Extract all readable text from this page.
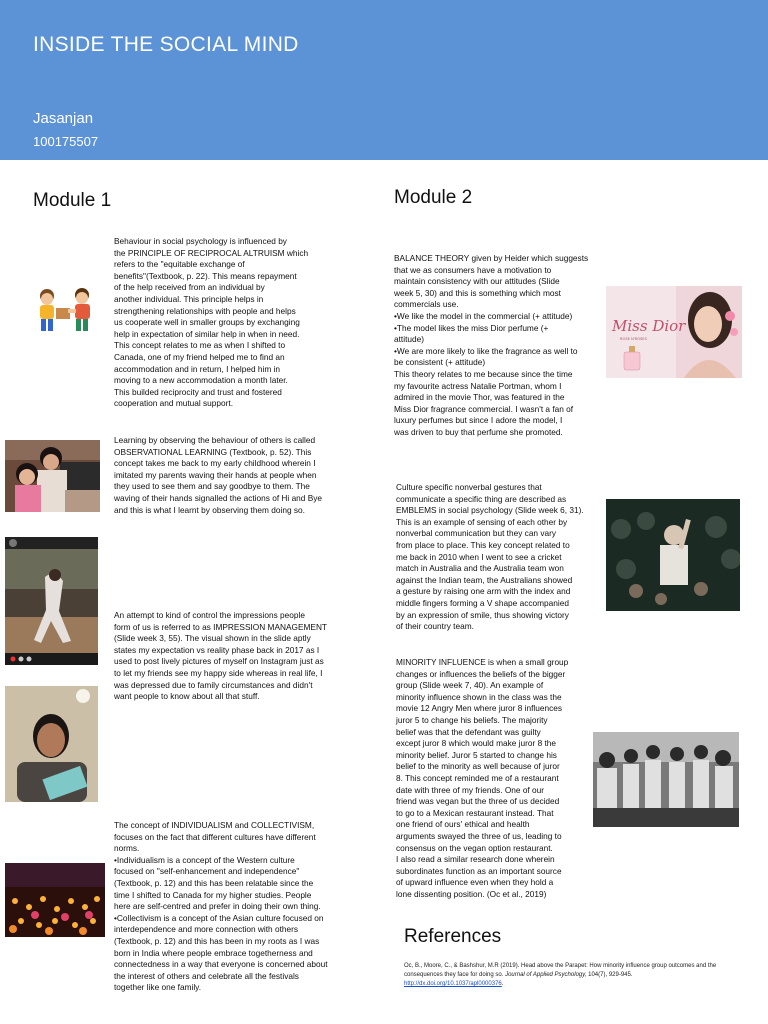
INSIDE THE SOCIAL MIND
Jasanjan
100175507
Module 1

Behaviour in social psychology is influenced by
the PRINCIPLE OF RECIPROCAL ALTRUISM which
refers to the "equitable exchange of
benefits"(Textbook, p. 22). This means repayment
of the help received from an individual by
another individual. This principle helps in
strengthening relationships with people and helps
us cooperate well in smaller groups by exchanging
help in expectation of similar help in when in need.
This concept relates to me as when I shifted to
Canada, one of my friend helped me to find an
accommodation and in return, I helped him in
moving to a new accommodation a month later.
This builded reciprocity and trust and fostered
cooperation and mutual support.

Learning by observing the behaviour of others is called
OBSERVATIONAL LEARNING (Textbook, p. 52). This
concept takes me back to my early childhood wherein I
imitated my parents waving their hands at people when
they used to see them and say goodbye to them. The
waving of their hands signalled the actions of Hi and Bye
and this is what I learnt by observing them doing so.

An attempt to kind of control the impressions people
form of us is referred to as IMPRESSION MANAGEMENT
(Slide week 3, 55). The visual shown in the slide aptly
states my expectation vs reality phase back in 2017 as I
used to post lively pictures of myself on Instagram just as
to let my friends see my happy side whereas in real life, I
was depressed due to family circumstances and didn't
want people to know about all that stuff.

The concept of INDIVIDUALISM and COLLECTIVISM,
focuses on the fact that different cultures have different
norms.
•Individualism is a concept of the Western culture
focused on "self-enhancement and independence"
(Textbook, p. 12) and this has been relatable since the
time I shifted to Canada for my higher studies. People
here are self-centred and prefer in doing their own thing.
•Collectivism is a concept of the Asian culture focused on
interdependence and more connection with others
(Textbook, p. 12) and this has been in my roots as I was
born in India where people embrace togetherness and
connectedness in a way that everyone is concerned about
the interest of others and celebrate all the festivals
together like one family.

Module 2

BALANCE THEORY given by Heider which suggests
that we as consumers have a motivation to
maintain consistency with our attitudes (Slide
week 5, 30) and this is something which most
commercials use.
•We like the model in the commercial (+ attitude)
•The model likes the miss Dior perfume (+
attitude)
•We are more likely to like the fragrance as well to
be consistent (+ attitude)
This theory relates to me because since the time
my favourite actress Natalie Portman, whom I
admired in the movie Thor, was featured in the
Miss Dior fragrance commercial. I wasn't a fan of
luxury perfumes but since I adore the model, I
was driven to buy that perfume she promoted.

Miss Dior
ROSE N'ROSES

Culture specific nonverbal gestures that
communicate a specific thing are described as
EMBLEMS in social psychology (Slide week 6, 31).
This is an example of sensing of each other by
nonverbal communication but they can vary
from place to place. This key concept related to
me back in 2010 when I went to see a cricket
match in Australia and the Australia team won
against the Indian team, the Australians showed
a gesture by raising one arm with the index and
middle fingers forming a V shape accompanied
by an expression of smile, thus showing victory
of their country team.

MINORITY INFLUENCE is when a small group
changes or influences the beliefs of the bigger
group (Slide week 7, 40). An example of
minority influence shown in the class was the
movie 12 Angry Men where juror 8 influences
juror 5 to change his beliefs. The majority
belief was that the defendant was guilty
except juror 8 which would make juror 8 the
minority belief. Juror 5 started to change his
belief to the minority as well because of juror
8. This concept reminded me of a restaurant
date with three of my friends. One of our
friend was vegan but the three of us decided
to go to a Mexican restaurant instead. That
one friend of ours' ethical and health
arguments swayed the three of us, leading to
consensus on the vegan option restaurant.
I also read a similar research done wherein
subordinates function as an important source
of upward influence even when they hold a
lone dissenting position. (Oc et al., 2019)

References
Oc, B., Moore, C., & Bashshur, M.R (2019). Head above the Parapet: How minority influence group outcomes and the consequences they face for doing so. Journal of Applied Psychology, 104(7), 929-945. http://dx.doi.org/10.1037/apl0000376.
